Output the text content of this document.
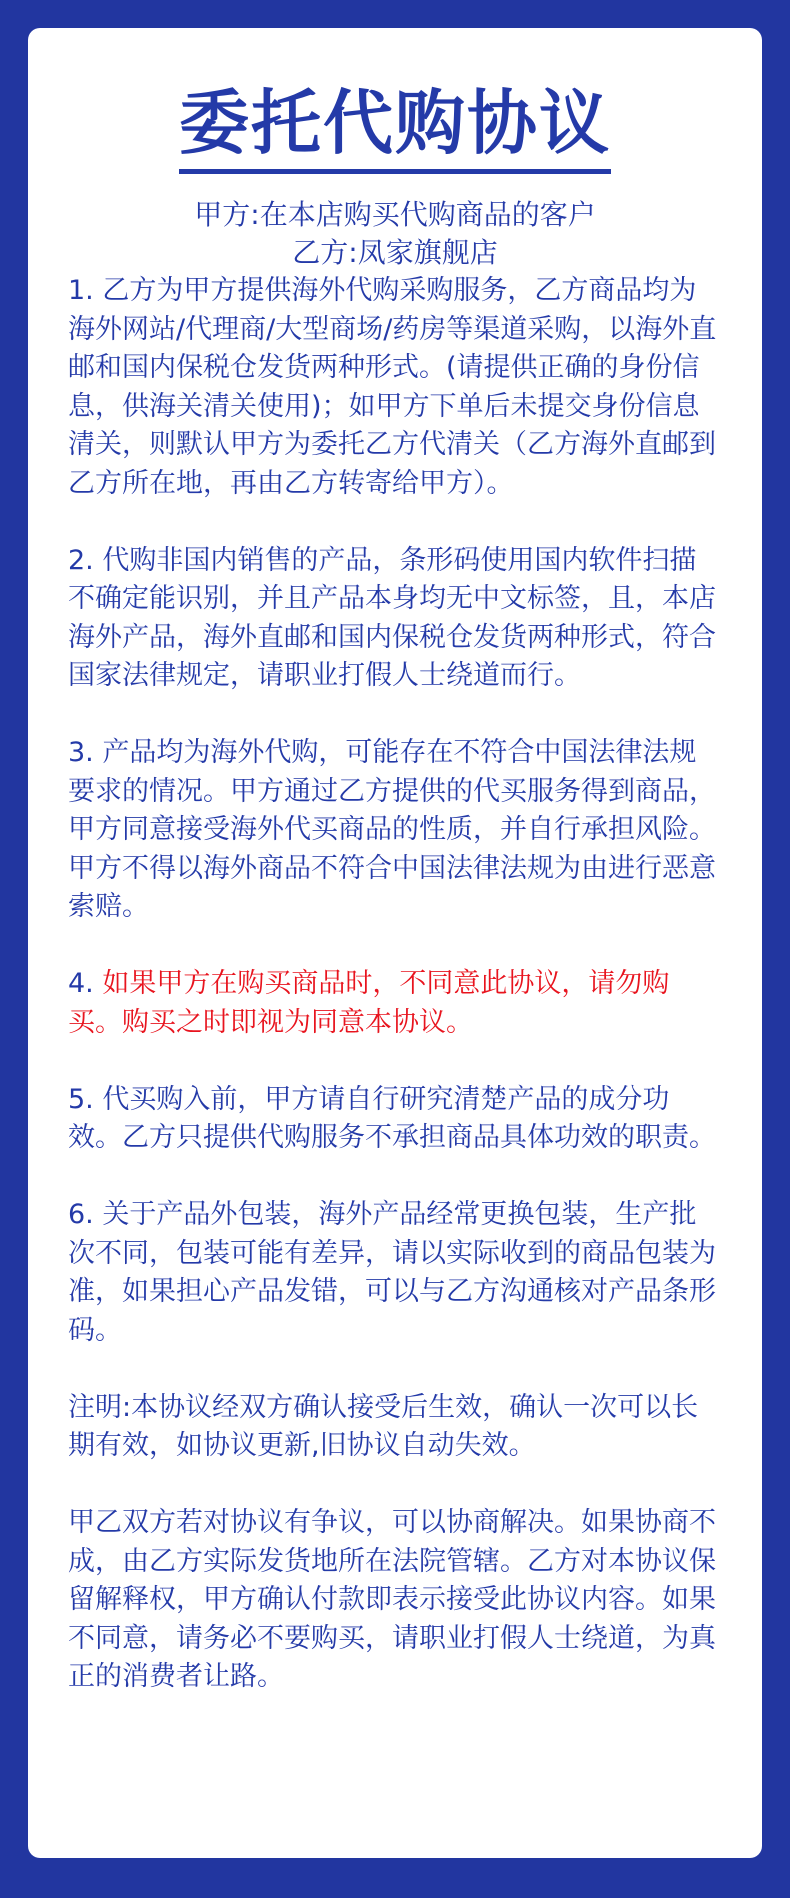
委托代购协议
甲方:在本店购买代购商品的客户
乙方:凤家旗舰店

1. 乙方为甲方提供海外代购采购服务，乙方商品均为海外网站/代理商/大型商场/药房等渠道采购，以海外直邮和国内保税仓发货两种形式。(请提供正确的身份信息，供海关清关使用)；如甲方下单后未提交身份信息清关，则默认甲方为委托乙方代清关（乙方海外直邮到乙方所在地，再由乙方转寄给甲方）。

2. 代购非国内销售的产品，条形码使用国内软件扫描不确定能识别，并且产品本身均无中文标签，且，本店海外产品，海外直邮和国内保税仓发货两种形式，符合国家法律规定，请职业打假人士绕道而行。

3. 产品均为海外代购，可能存在不符合中国法律法规要求的情况。甲方通过乙方提供的代买服务得到商品，甲方同意接受海外代买商品的性质，并自行承担风险。甲方不得以海外商品不符合中国法律法规为由进行恶意索赔。

4. 如果甲方在购买商品时，不同意此协议，请勿购买。购买之时即视为同意本协议。

5. 代买购入前，甲方请自行研究清楚产品的成分功效。乙方只提供代购服务不承担商品具体功效的职责。

6. 关于产品外包装，海外产品经常更换包装，生产批次不同，包装可能有差异，请以实际收到的商品包装为准，如果担心产品发错，可以与乙方沟通核对产品条形码。

注明:本协议经双方确认接受后生效，确认一次可以长期有效，如协议更新,旧协议自动失效。

甲乙双方若对协议有争议，可以协商解决。如果协商不成，由乙方实际发货地所在法院管辖。乙方对本协议保留解释权，甲方确认付款即表示接受此协议内容。如果不同意，请务必不要购买，请职业打假人士绕道，为真正的消费者让路。
